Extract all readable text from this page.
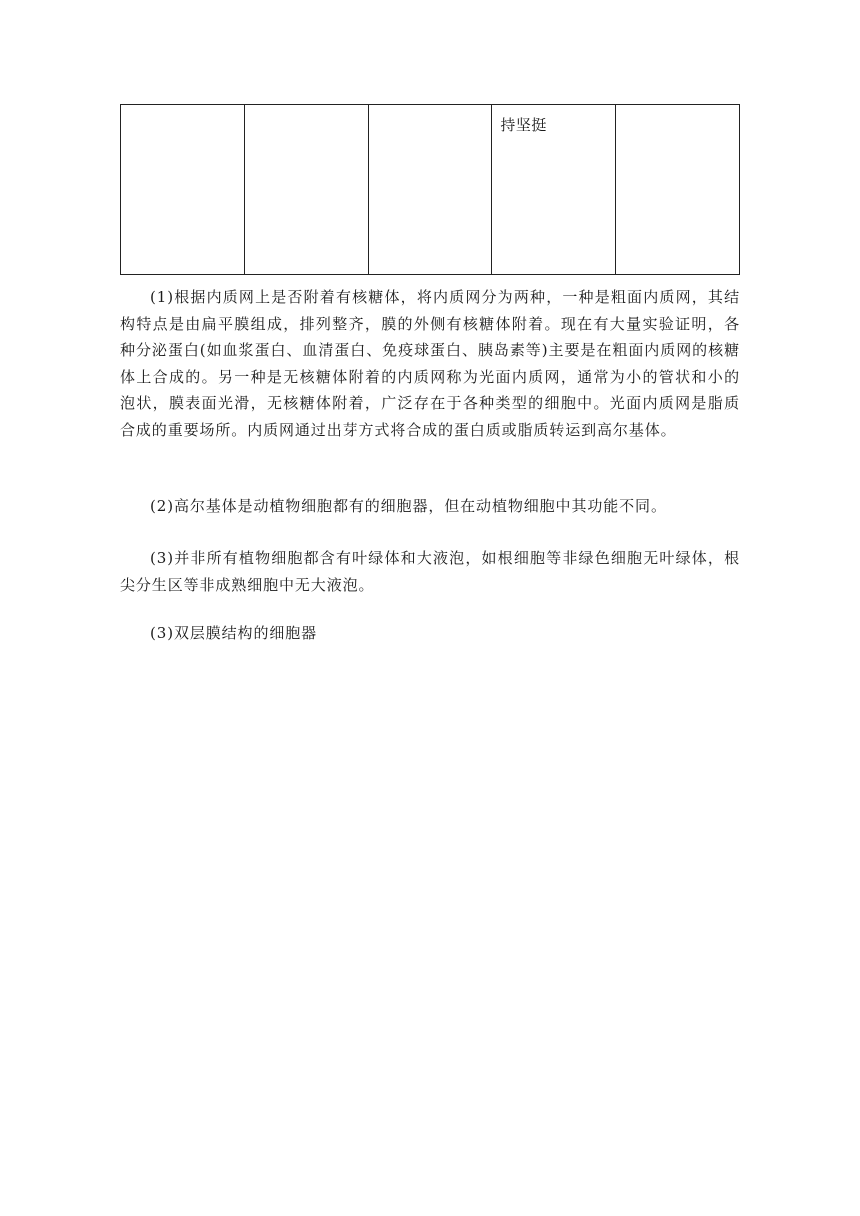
			持坚挺	

(1)根据内质网上是否附着有核糖体，将内质网分为两种，一种是粗面内质网，其结构特点是由扁平膜组成，排列整齐，膜的外侧有核糖体附着。现在有大量实验证明，各种分泌蛋白(如血浆蛋白、血清蛋白、免疫球蛋白、胰岛素等)主要是在粗面内质网的核糖体上合成的。另一种是无核糖体附着的内质网称为光面内质网，通常为小的管状和小的泡状，膜表面光滑，无核糖体附着，广泛存在于各种类型的细胞中。光面内质网是脂质合成的重要场所。内质网通过出芽方式将合成的蛋白质或脂质转运到高尔基体。

(2)高尔基体是动植物细胞都有的细胞器，但在动植物细胞中其功能不同。

(3)并非所有植物细胞都含有叶绿体和大液泡，如根细胞等非绿色细胞无叶绿体，根尖分生区等非成熟细胞中无大液泡。

(3)双层膜结构的细胞器
